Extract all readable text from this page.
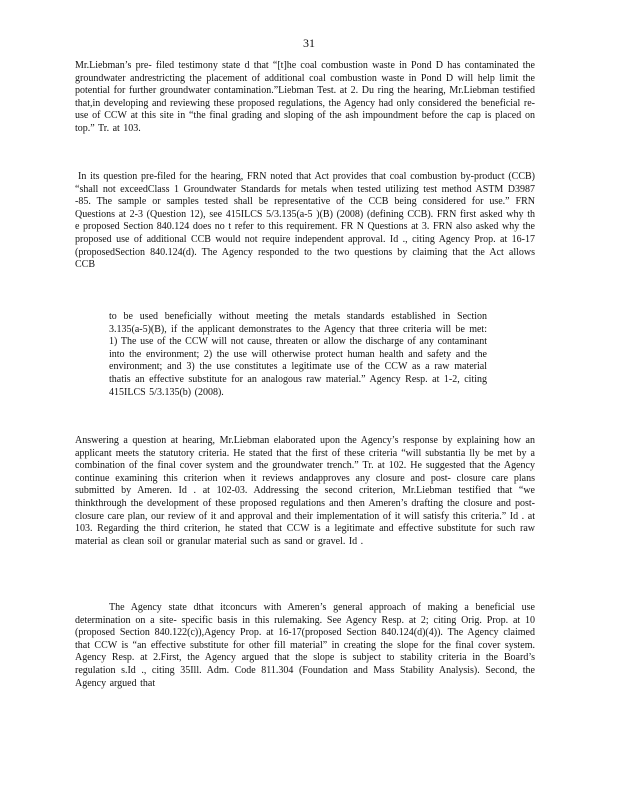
31

Mr.Liebman’s pre- filed testimony state d that “[t]he coal combustion waste in Pond D has contaminated the groundwater andrestricting the placement of additional coal combustion waste in Pond D will help limit the potential for further groundwater contamination.”Liebman Test. at 2. Du ring the hearing, Mr.Liebman testified that,in developing and reviewing these proposed regulations, the Agency had only considered the beneficial re- use of CCW at this site in “the final grading and sloping of the ash impoundment before the cap is placed on top.” Tr. at 103.

In its question pre-filed for the hearing, FRN noted that Act provides that coal combustion by-product (CCB) “shall not exceedClass 1 Groundwater Standards for metals when tested utilizing test method ASTM D3987 -85. The sample or samples tested shall be representative of the CCB being considered for use.” FRN Questions at 2-3 (Question 12), see 415ILCS 5/3.135(a-5 )(B) (2008) (defining CCB). FRN first asked why th e proposed Section 840.124 does no t refer to this requirement. FR N Questions at 3. FRN also asked why the proposed use of additional CCB would not require independent approval. Id ., citing Agency Prop. at 16-17 (proposedSection 840.124(d). The Agency responded to the two questions by claiming that the Act allows CCB

to be used beneficially without meeting the metals standards established in Section 3.135(a-5)(B), if the applicant demonstrates to the Agency that three criteria will be met: 1) The use of the CCW will not cause, threaten or allow the discharge of any contaminant into the environment; 2) the use will otherwise protect human health and safety and the environment; and 3) the use constitutes a legitimate use of the CCW as a raw material thatis an effective substitute for an analogous raw material.” Agency Resp. at 1-2, citing 415ILCS 5/3.135(b) (2008).

Answering a question at hearing, Mr.Liebman elaborated upon the Agency’s response by explaining how an applicant meets the statutory criteria. He stated that the first of these criteria “will substantia lly be met by a combination of the final cover system and the groundwater trench.” Tr. at 102. He suggested that the Agency continue examining this criterion when it reviews andapproves any closure and post- closure care plans submitted by Ameren. Id . at 102-03. Addressing the second criterion, Mr.Liebman testified that “we thinkthrough the development of these proposed regulations and then Ameren’s drafting the closure and post-closure care plan, our review of it and approval and their implementation of it will satisfy this criteria.” Id . at 103. Regarding the third criterion, he stated that CCW is a legitimate and effective substitute for such raw material as clean soil or granular material such as sand or gravel. Id .

The Agency state dthat itconcurs with Ameren’s general approach of making a beneficial use determination on a site- specific basis in this rulemaking. See Agency Resp. at 2; citing Orig. Prop. at 10 (proposed Section 840.122(c)),Agency Prop. at 16-17(proposed Section 840.124(d)(4)). The Agency claimed that CCW is “an effective substitute for other fill material” in creating the slope for the final cover system. Agency Resp. at 2.First, the Agency argued that the slope is subject to stability criteria in the Board’s regulation s.Id ., citing 35Ill. Adm. Code 811.304 (Foundation and Mass Stability Analysis). Second, the Agency argued that
